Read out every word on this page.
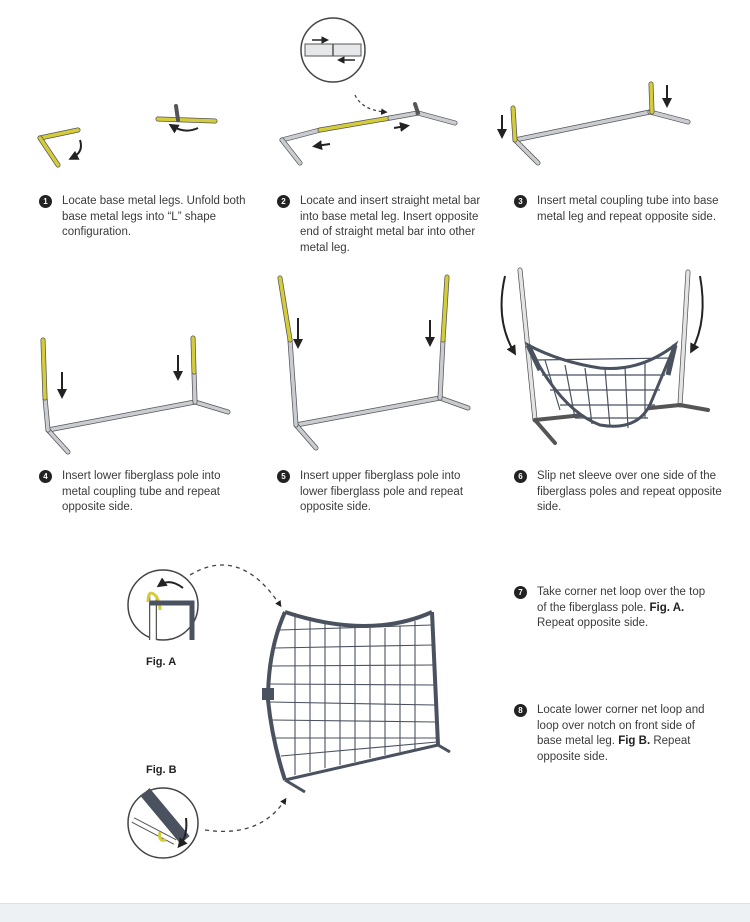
1	Locate base metal legs. Unfold both base metal legs into “L” shape configuration.
2	Locate and insert straight metal bar into base metal leg. Insert opposite end of straight metal bar into other metal leg.
3	Insert metal coupling tube into base metal leg and repeat opposite side.
4	Insert lower fiberglass pole into metal coupling tube and repeat opposite side.
5	Insert upper fiberglass pole into lower fiberglass pole and repeat opposite side.
6	Slip net sleeve over one side of the fiberglass poles and repeat opposite side.
7	Take corner net loop over the top of the fiberglass pole. Fig. A. Repeat opposite side.
8	Locate lower corner net loop and loop over notch on front side of base metal leg. Fig B. Repeat opposite side.
Fig. A
Fig. B
